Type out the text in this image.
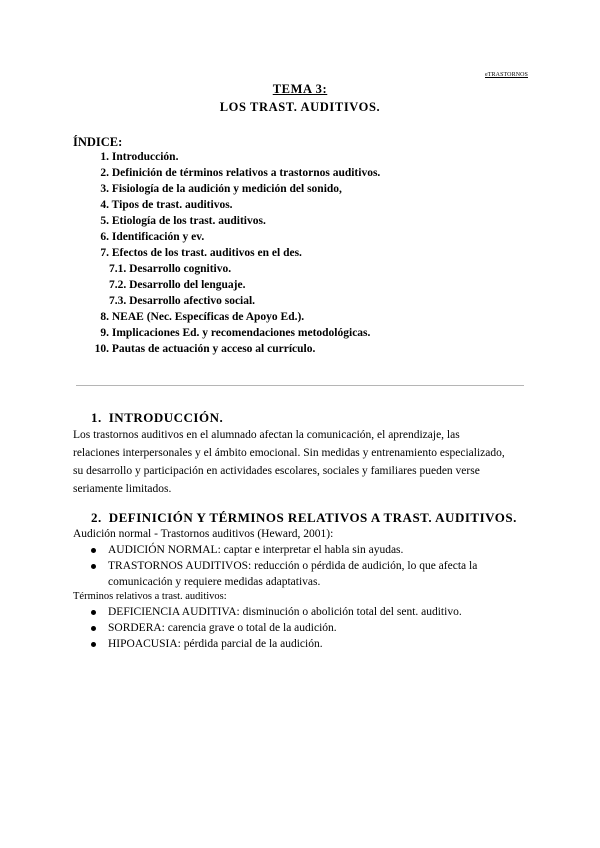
eTRASTORNOS
TEMA 3:
LOS TRAST. AUDITIVOS.
ÍNDICE:
1. Introducción.
2. Definición de términos relativos a trastornos auditivos.
3. Fisiología de la audición y medición del sonido,
4. Tipos de trast. auditivos.
5. Etiología de los trast. auditivos.
6. Identificación y ev.
7. Efectos de los trast. auditivos en el des.
7.1. Desarrollo cognitivo.
7.2. Desarrollo del lenguaje.
7.3. Desarrollo afectivo social.
8. NEAE (Nec. Específicas de Apoyo Ed.).
9. Implicaciones Ed. y recomendaciones metodológicas.
10. Pautas de actuación y acceso al currículo.
1. INTRODUCCIÓN.
Los trastornos auditivos en el alumnado afectan la comunicación, el aprendizaje, las
relaciones interpersonales y el ámbito emocional. Sin medidas y entrenamiento especializado,
su desarrollo y participación en actividades escolares, sociales y familiares pueden verse
seriamente limitados.
2. DEFINICIÓN Y TÉRMINOS RELATIVOS A TRAST. AUDITIVOS.
Audición normal - Trastornos auditivos (Heward, 2001):
AUDICIÓN NORMAL: captar e interpretar el habla sin ayudas.
TRASTORNOS AUDITIVOS: reducción o pérdida de audición, lo que afecta la comunicación y requiere medidas adaptativas.
Términos relativos a trast. auditivos:
DEFICIENCIA AUDITIVA: disminución o abolición total del sent. auditivo.
SORDERA: carencia grave o total de la audición.
HIPOACUSIA: pérdida parcial de la audición.
